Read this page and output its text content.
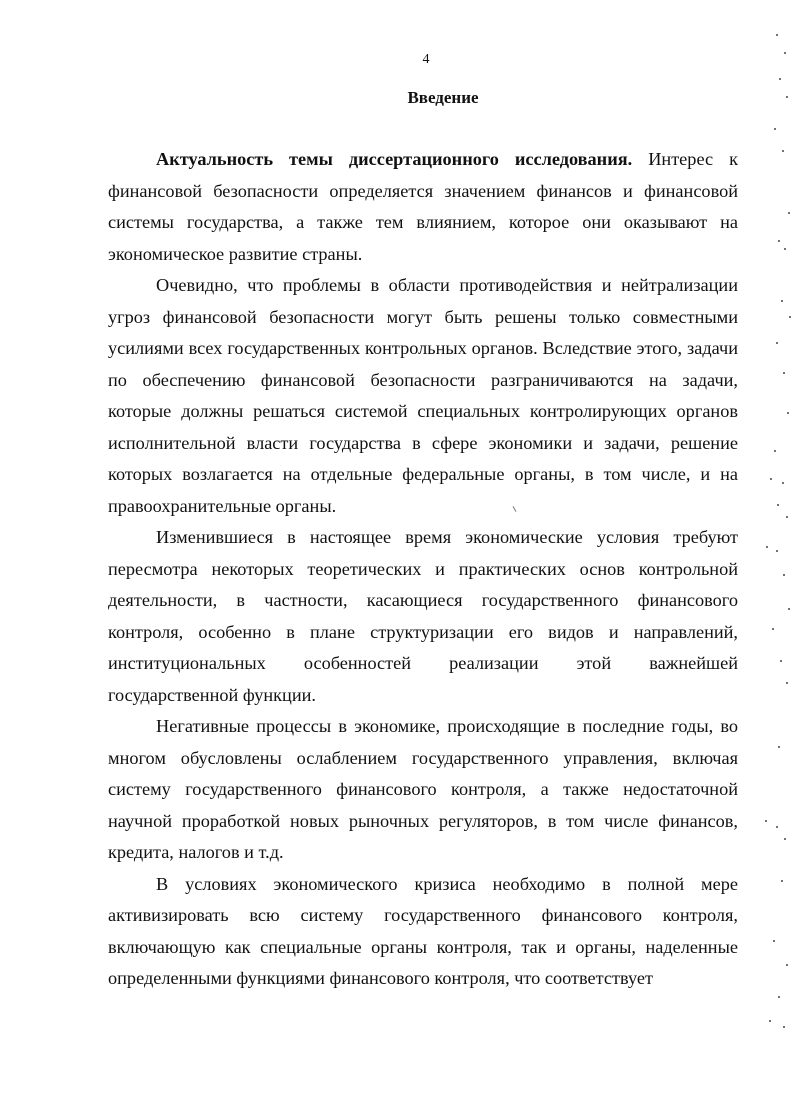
4
Введение

Актуальность темы диссертационного исследования. Интерес к финансовой безопасности определяется значением финансов и финансовой системы государства, а также тем влиянием, которое они оказывают на экономическое развитие страны.

Очевидно, что проблемы в области противодействия и нейтрализации угроз финансовой безопасности могут быть решены только совместными усилиями всех государственных контрольных органов. Вследствие этого, задачи по обеспечению финансовой безопасности разграничиваются на задачи, которые должны решаться системой специальных контролирующих органов исполнительной власти государства в сфере экономики и задачи, решение которых возлагается на отдельные федеральные органы, в том числе, и на правоохранительные органы.

Изменившиеся в настоящее время экономические условия требуют пересмотра некоторых теоретических и практических основ контрольной деятельности, в частности, касающиеся государственного финансового контроля, особенно в плане структуризации его видов и направлений, институциональных особенностей реализации этой важнейшей государственной функции.

Негативные процессы в экономике, происходящие в последние годы, во многом обусловлены ослаблением государственного управления, включая систему государственного финансового контроля, а также недостаточной научной проработкой новых рыночных регуляторов, в том числе финансов, кредита, налогов и т.д.

В условиях экономического кризиса необходимо в полной мере активизировать всю систему государственного финансового контроля, включающую как специальные органы контроля, так и органы, наделенные определенными функциями финансового контроля, что соответствует
